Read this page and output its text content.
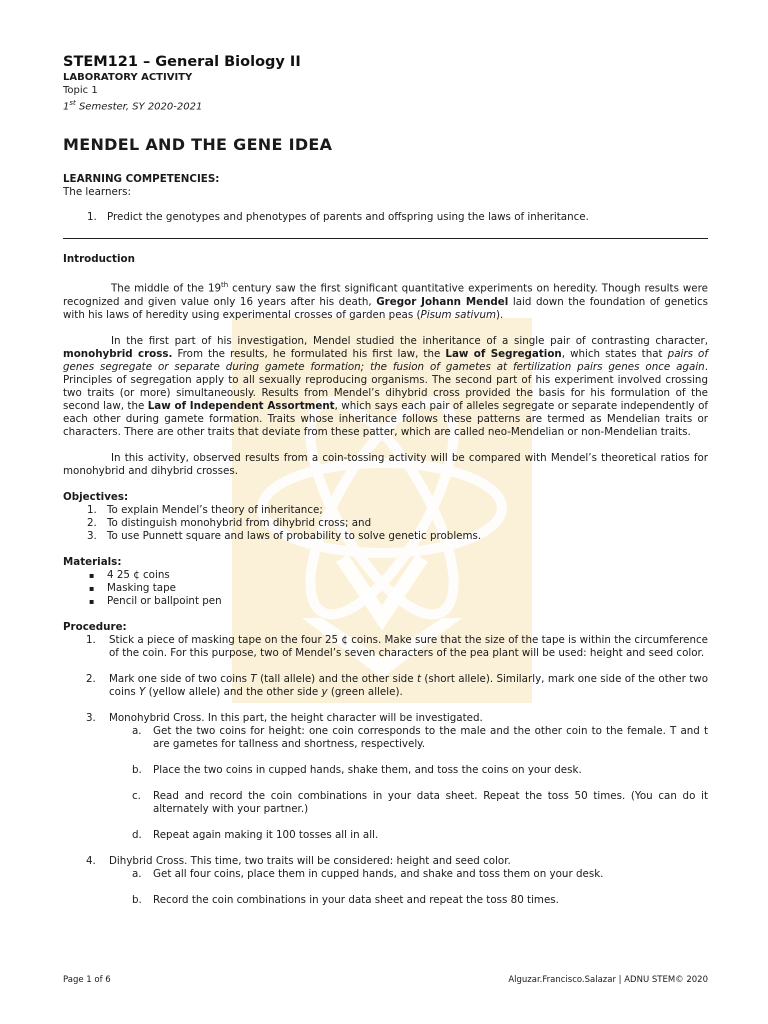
STEM121 – General Biology II

LABORATORY ACTIVITY

Topic 1

1st Semester, SY 2020-2021

MENDEL AND THE GENE IDEA

LEARNING COMPETENCIES:

The learners:

1. Predict the genotypes and phenotypes of parents and offspring using the laws of inheritance.

Introduction

The middle of the 19th century saw the first significant quantitative experiments on heredity. Though results were recognized and given value only 16 years after his death, Gregor Johann Mendel laid down the foundation of genetics with his laws of heredity using experimental crosses of garden peas (Pisum sativum).

In the first part of his investigation, Mendel studied the inheritance of a single pair of contrasting character, monohybrid cross. From the results, he formulated his first law, the Law of Segregation, which states that pairs of genes segregate or separate during gamete formation; the fusion of gametes at fertilization pairs genes once again. Principles of segregation apply to all sexually reproducing organisms. The second part of his experiment involved crossing two traits (or more) simultaneously. Results from Mendel’s dihybrid cross provided the basis for his formulation of the second law, the Law of Independent Assortment, which says each pair of alleles segregate or separate independently of each other during gamete formation. Traits whose inheritance follows these patterns are termed as Mendelian traits or characters. There are other traits that deviate from these patter, which are called neo-Mendelian or non-Mendelian traits.

In this activity, observed results from a coin-tossing activity will be compared with Mendel’s theoretical ratios for monohybrid and dihybrid crosses.

Objectives:

1. To explain Mendel’s theory of inheritance;
2. To distinguish monohybrid from dihybrid cross; and
3. To use Punnett square and laws of probability to solve genetic problems.

Materials:

▪ 4 25 ¢ coins
▪ Masking tape
▪ Pencil or ballpoint pen

Procedure:

1. Stick a piece of masking tape on the four 25 ¢ coins. Make sure that the size of the tape is within the circumference of the coin. For this purpose, two of Mendel’s seven characters of the pea plant will be used: height and seed color.
2. Mark one side of two coins T (tall allele) and the other side t (short allele). Similarly, mark one side of the other two coins Y (yellow allele) and the other side y (green allele).
3. Monohybrid Cross. In this part, the height character will be investigated.
a. Get the two coins for height: one coin corresponds to the male and the other coin to the female. T and t are gametes for tallness and shortness, respectively.
b. Place the two coins in cupped hands, shake them, and toss the coins on your desk.
c. Read and record the coin combinations in your data sheet. Repeat the toss 50 times. (You can do it alternately with your partner.)
d. Repeat again making it 100 tosses all in all.
4. Dihybrid Cross. This time, two traits will be considered: height and seed color.
a. Get all four coins, place them in cupped hands, and shake and toss them on your desk.
b. Record the coin combinations in your data sheet and repeat the toss 80 times.
Page 1 of 6	Alguzar.Francisco.Salazar | ADNU STEM© 2020
